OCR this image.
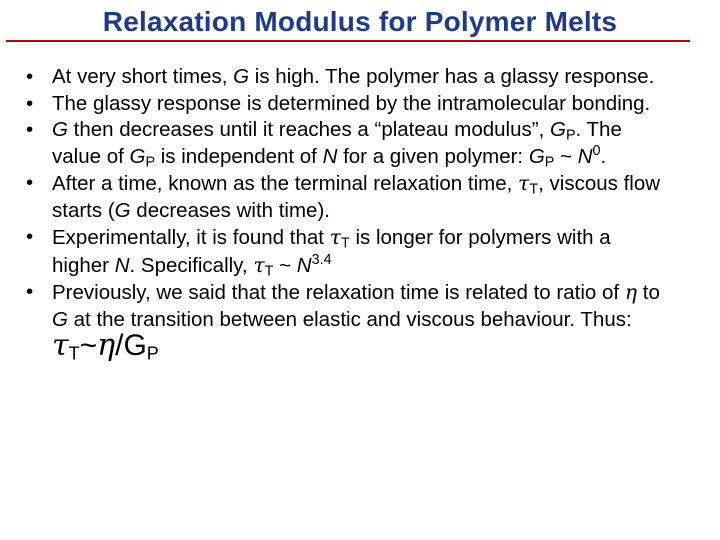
Relaxation Modulus for Polymer Melts
• At very short times, G is high. The polymer has a glassy response.
• The glassy response is determined by the intramolecular bonding.
• G then decreases until it reaches a “plateau modulus”, $G_P$. The value of $G_P$ is independent of N for a given polymer: $G_P$ ~ $N^0$.
• After a time, known as the terminal relaxation time, $\tau_T$, viscous flow starts (G decreases with time).
• Experimentally, it is found that $\tau_T$ is longer for polymers with a higher N. Specifically, $\tau_T$ ~ $N^{3.4}$
• Previously, we said that the relaxation time is related to ratio of η to G at the transition between elastic and viscous behaviour. Thus: $\tau_T\sim\eta/G_P$
